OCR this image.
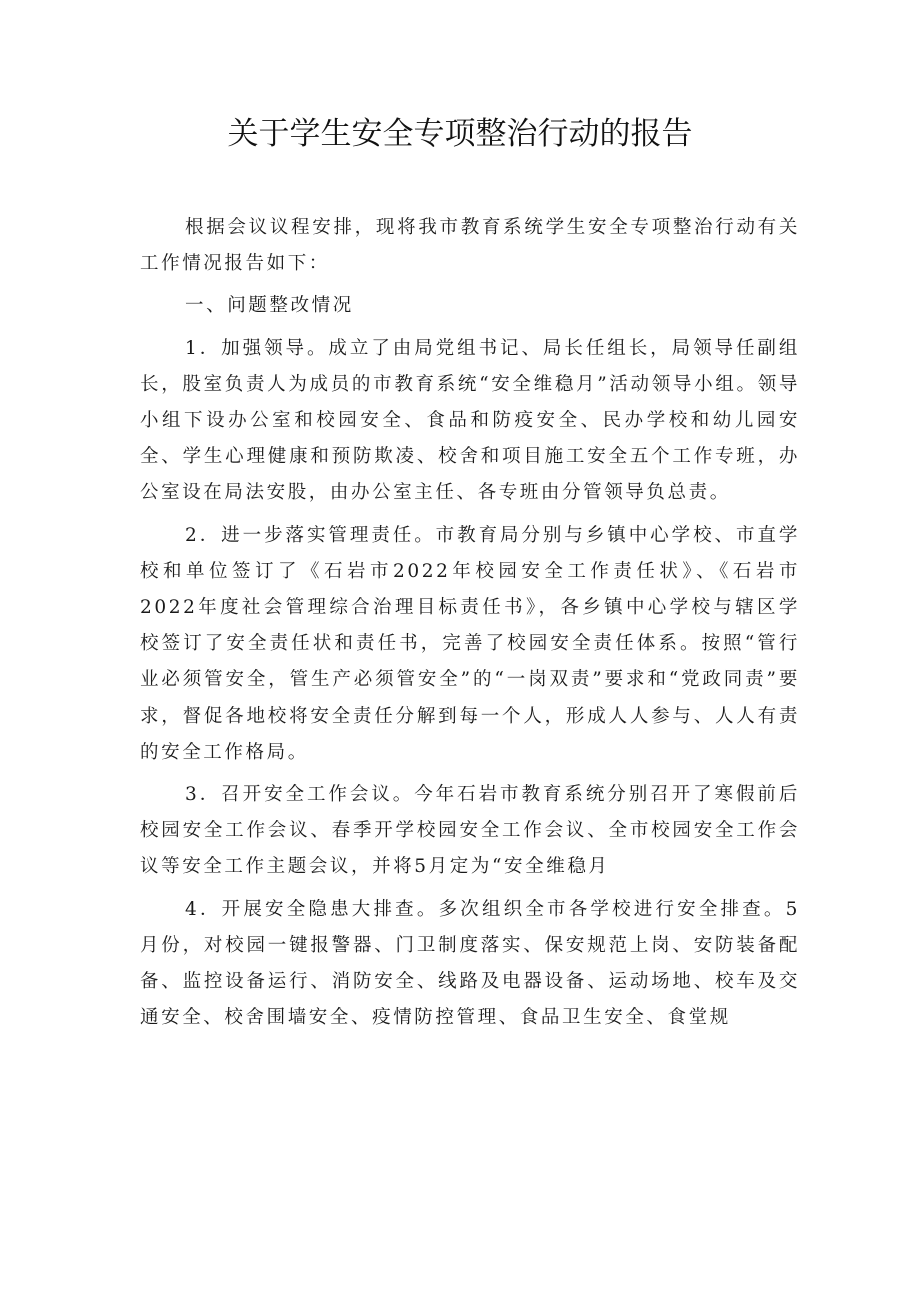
关于学生安全专项整治行动的报告

根据会议议程安排，现将我市教育系统学生安全专项整治行动有关工作情况报告如下：

一、问题整改情况

1．加强领导。成立了由局党组书记、局长任组长，局领导任副组长，股室负责人为成员的市教育系统“安全维稳月”活动领导小组。领导小组下设办公室和校园安全、食品和防疫安全、民办学校和幼儿园安全、学生心理健康和预防欺凌、校舍和项目施工安全五个工作专班，办公室设在局法安股，由办公室主任、各专班由分管领导负总责。

2．进一步落实管理责任。市教育局分别与乡镇中心学校、市直学校和单位签订了《石岩市2022年校园安全工作责任状》、《石岩市2022年度社会管理综合治理目标责任书》，各乡镇中心学校与辖区学校签订了安全责任状和责任书，完善了校园安全责任体系。按照“管行业必须管安全，管生产必须管安全”的“一岗双责”要求和“党政同责”要求，督促各地校将安全责任分解到每一个人，形成人人参与、人人有责的安全工作格局。

3．召开安全工作会议。今年石岩市教育系统分别召开了寒假前后校园安全工作会议、春季开学校园安全工作会议、全市校园安全工作会议等安全工作主题会议，并将5月定为“安全维稳月

4．开展安全隐患大排查。多次组织全市各学校进行安全排查。5月份，对校园一键报警器、门卫制度落实、保安规范上岗、安防装备配备、监控设备运行、消防安全、线路及电器设备、运动场地、校车及交通安全、校舍围墙安全、疫情防控管理、食品卫生安全、食堂规
